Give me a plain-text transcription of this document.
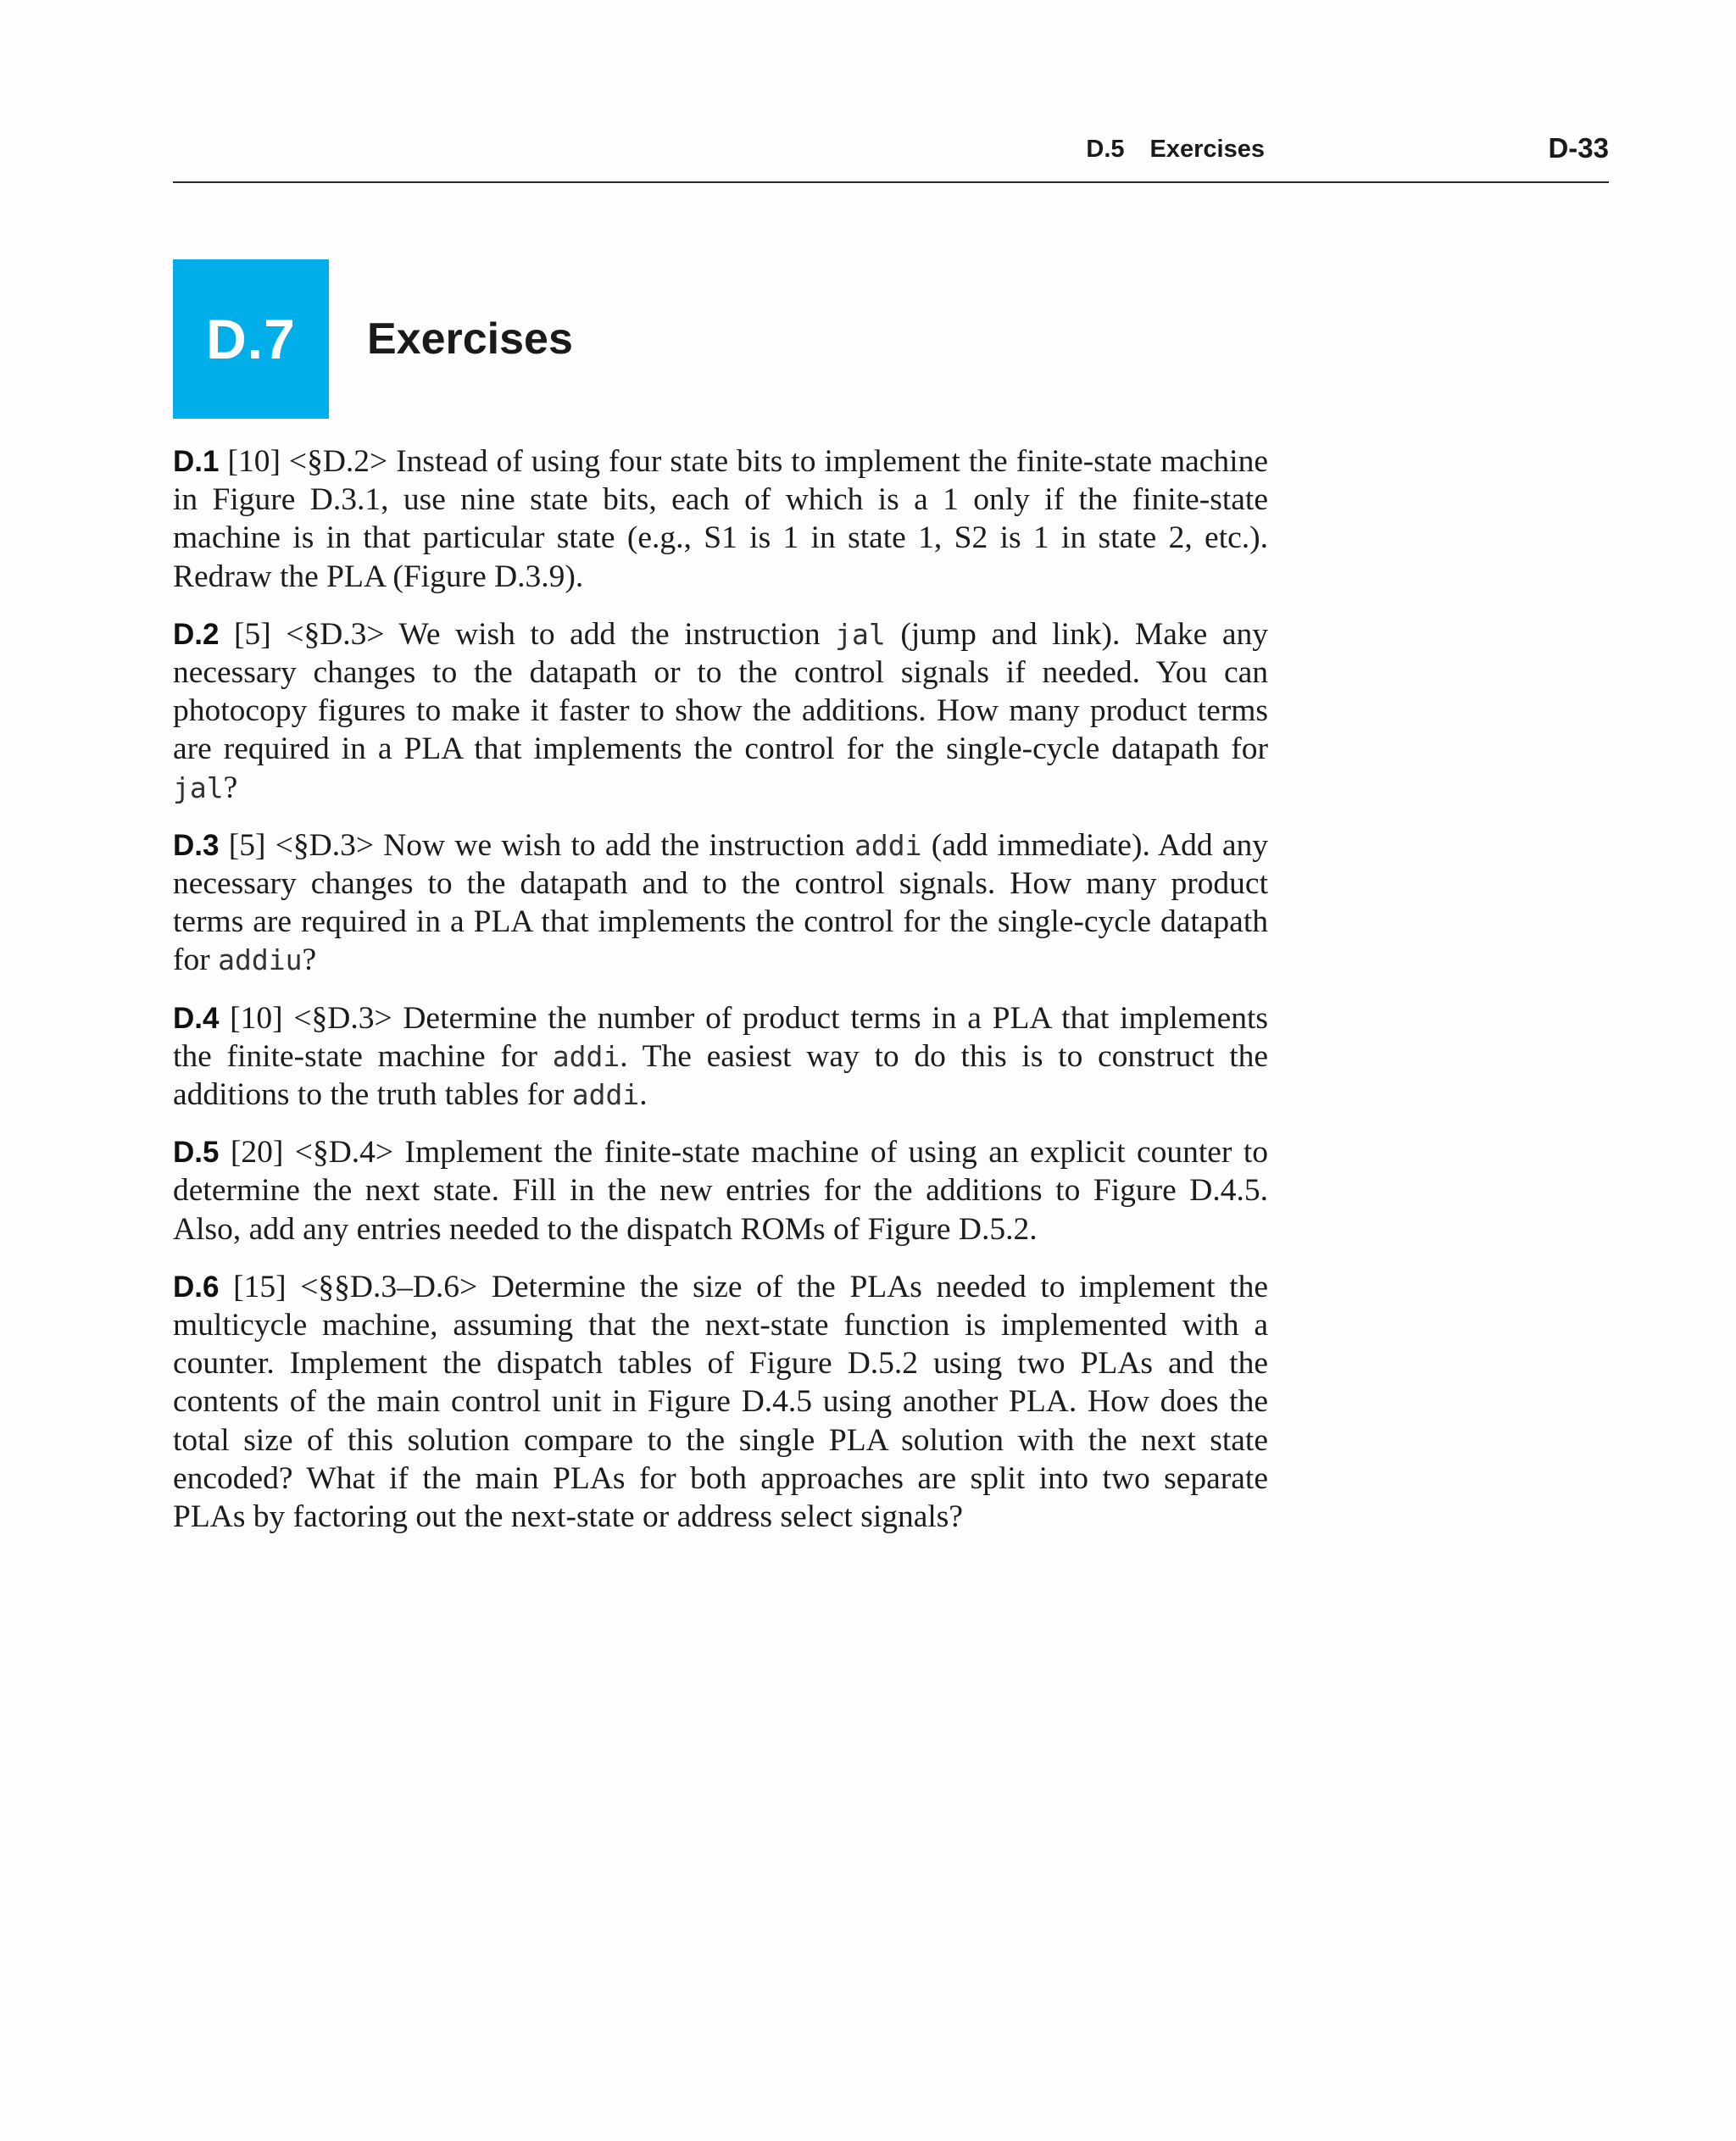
D.5 Exercises	D-33
D.7	Exercises

D.1 [10] <§D.2> Instead of using four state bits to implement the finite-state machine in Figure D.3.1, use nine state bits, each of which is a 1 only if the finite-state machine is in that particular state (e.g., S1 is 1 in state 1, S2 is 1 in state 2, etc.). Redraw the PLA (Figure D.3.9).

D.2 [5] <§D.3> We wish to add the instruction jal (jump and link). Make any necessary changes to the datapath or to the control signals if needed. You can photocopy figures to make it faster to show the additions. How many product terms are required in a PLA that implements the control for the single-cycle datapath for jal?

D.3 [5] <§D.3> Now we wish to add the instruction addi (add immediate). Add any necessary changes to the datapath and to the control signals. How many product terms are required in a PLA that implements the control for the single-cycle datapath for addiu?

D.4 [10] <§D.3> Determine the number of product terms in a PLA that implements the finite-state machine for addi. The easiest way to do this is to construct the additions to the truth tables for addi.

D.5 [20] <§D.4> Implement the finite-state machine of using an explicit counter to determine the next state. Fill in the new entries for the additions to Figure D.4.5. Also, add any entries needed to the dispatch ROMs of Figure D.5.2.

D.6 [15] <§§D.3–D.6> Determine the size of the PLAs needed to implement the multicycle machine, assuming that the next-state function is implemented with a counter. Implement the dispatch tables of Figure D.5.2 using two PLAs and the contents of the main control unit in Figure D.4.5 using another PLA. How does the total size of this solution compare to the single PLA solution with the next state encoded? What if the main PLAs for both approaches are split into two separate PLAs by factoring out the next-state or address select signals?
